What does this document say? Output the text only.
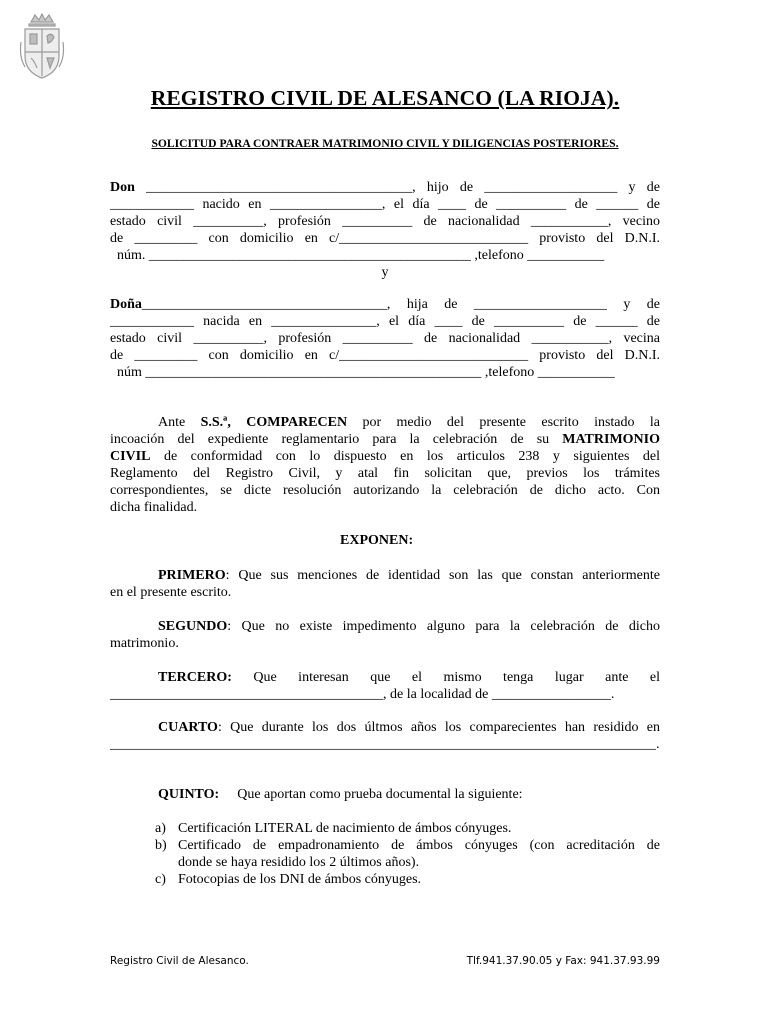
REGISTRO CIVIL DE ALESANCO (LA RIOJA).
SOLICITUD PARA CONTRAER MATRIMONIO CIVIL Y DILIGENCIAS POSTERIORES.
Don ______________________________________, hijo de ___________________ y de
____________ nacido en ________________, el día ____ de __________ de ______ de
estado civil __________, profesión __________ de nacionalidad ___________, vecino
de _________ con domicilio en c/___________________________ provisto del D.N.I.
núm. ______________________________________________ ,telefono ___________
y
Doña___________________________________, hija de ___________________ y de
____________ nacida en _______________, el día ____ de __________ de ______ de
estado civil __________, profesión __________ de nacionalidad ___________, vecina
de _________ con domicilio en c/___________________________ provisto del D.N.I.
núm ________________________________________________ ,telefono ___________
Ante S.S.ª, COMPARECEN por medio del presente escrito instado la
incoación del expediente reglamentario para la celebración de su MATRIMONIO
CIVIL de conformidad con lo dispuesto en los articulos 238 y siguientes del
Reglamento del Registro Civil, y atal fin solicitan que, previos los trámites
correspondientes, se dicte resolución autorizando la celebración de dicho acto. Con
dicha finalidad.
EXPONEN:
PRIMERO: Que sus menciones de identidad son las que constan anteriormente
en el presente escrito.
SEGUNDO: Que no existe impedimento alguno para la celebración de dicho
matrimonio.
TERCERO: Que interesan que el mismo tenga lugar ante el
_______________________________________, de la localidad de _________________.
CUARTO: Que durante los dos últmos años los comparecientes han residido en
______________________________________________________________________________.
QUINTO: Que aportan como prueba documental la siguiente:
a) Certificación LITERAL de nacimiento de ámbos cónyuges.
b) Certificado de empadronamiento de ámbos cónyuges (con acreditación de
donde se haya residido los 2 últimos años).
c) Fotocopias de los DNI de ámbos cónyuges.
Registro Civil de Alesanco.	Tlf.941.37.90.05 y Fax: 941.37.93.99
